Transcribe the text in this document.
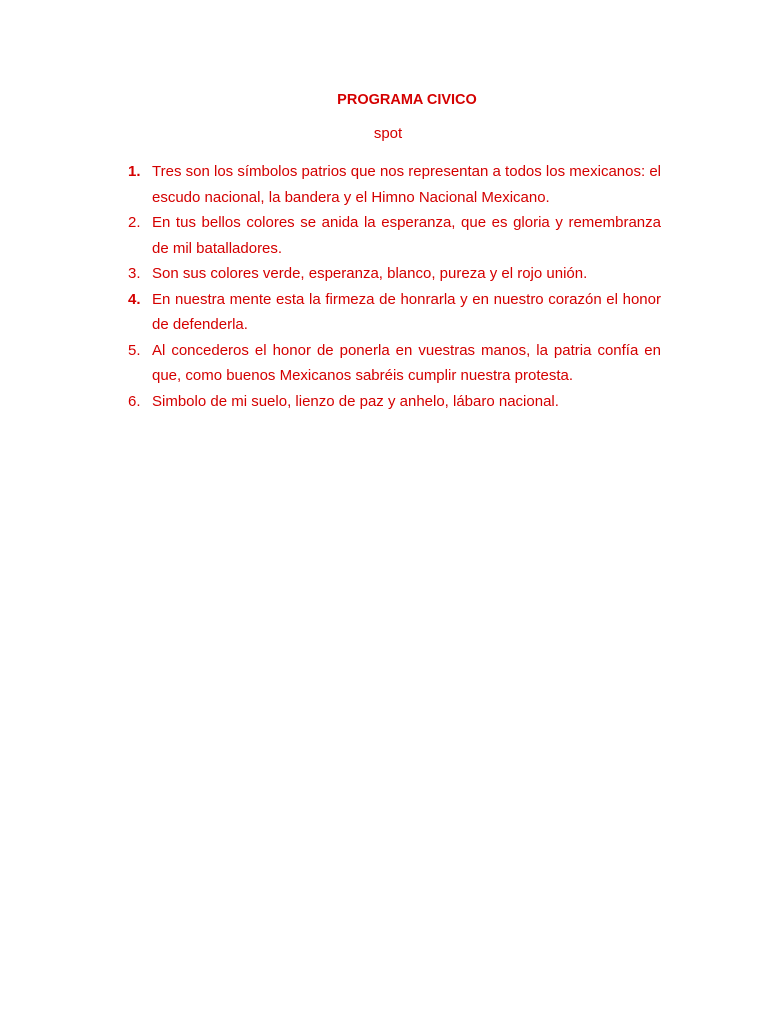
PROGRAMA CIVICO
spot
1. Tres son los símbolos patrios que nos representan a todos los mexicanos: el escudo nacional, la bandera y el Himno Nacional Mexicano.
2. En tus bellos colores se anida la esperanza, que es gloria y remembranza de mil batalladores.
3. Son sus colores verde, esperanza, blanco, pureza y el rojo unión.
4. En nuestra mente esta la firmeza de honrarla y en nuestro corazón el honor de defenderla.
5. Al concederos el honor de ponerla en vuestras manos, la patria confía en que, como buenos Mexicanos sabréis cumplir nuestra protesta.
6. Simbolo de mi suelo, lienzo de paz y anhelo, lábaro nacional.
